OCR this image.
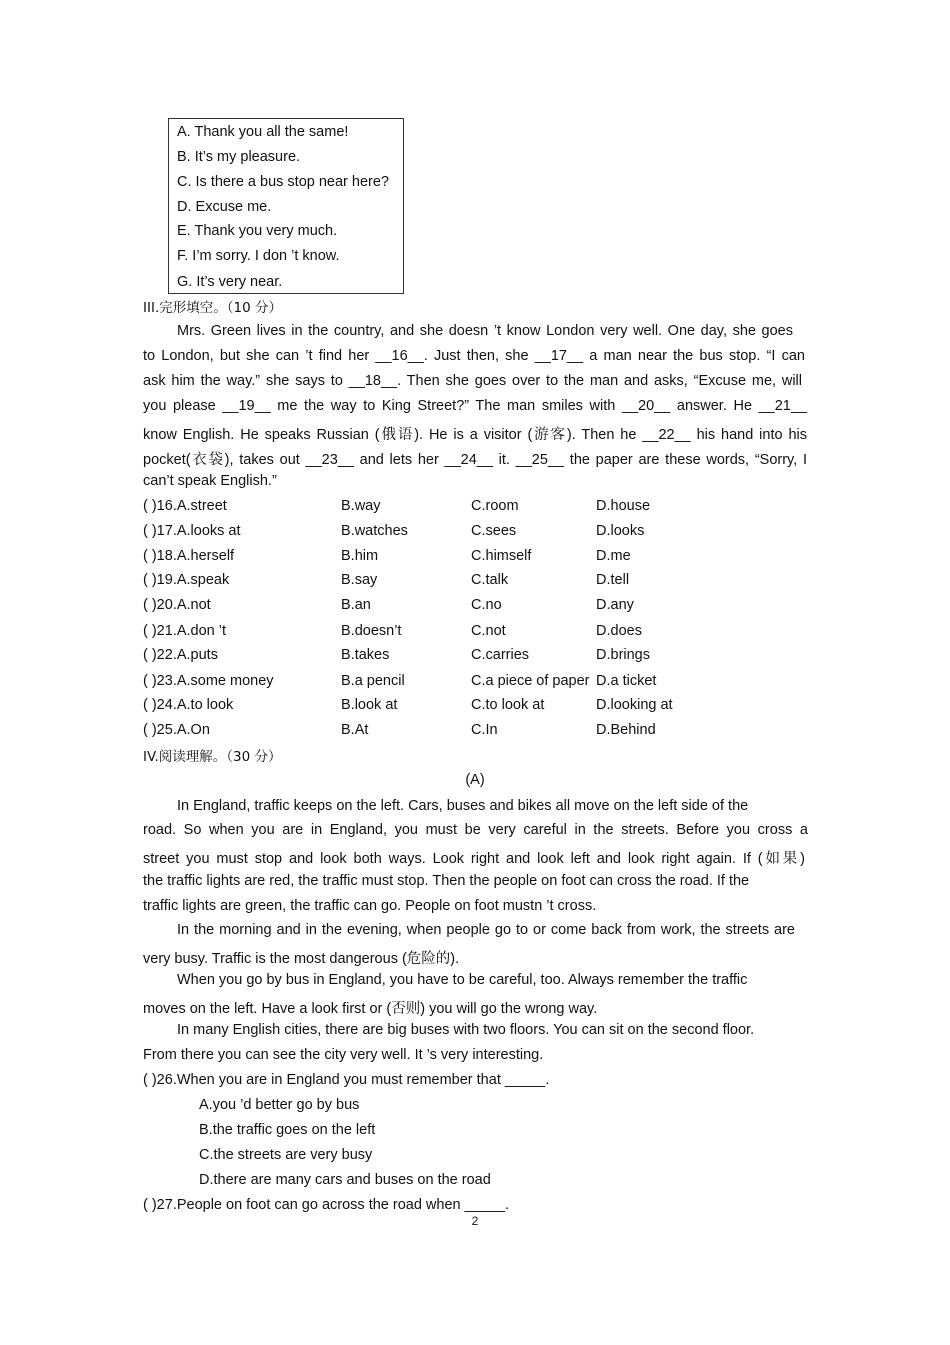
A. Thank you all the same!
B. It’s my pleasure.
C. Is there a bus stop near here?
D. Excuse me.
E. Thank you very much.
F. I’m sorry. I don ’t know.
G. It’s very near.
III.完形填空。（10 分）
Mrs. Green lives in the country, and she doesn ’t know London very well. One day, she goes
to London, but she can ’t find her __16__. Just then, she __17__ a man near the bus stop. “I can
ask him the way.” she says to __18__. Then she goes over to the man and asks, “Excuse me, will
you please __19__ me the way to King Street?” The man smiles with __20__ answer. He __21__
know English. He speaks Russian (俄语). He is a visitor (游客). Then he __22__ his hand into his
pocket(衣袋), takes out __23__ and lets her __24__ it. __25__ the paper are these words, “Sorry, I
can’t speak English.”
( )16.A.street	B.way	C.room	D.house
( )17.A.looks at	B.watches	C.sees	D.looks
( )18.A.herself	B.him	C.himself	D.me
( )19.A.speak	B.say	C.talk	D.tell
( )20.A.not	B.an	C.no	D.any
( )21.A.don ’t	B.doesn’t	C.not	D.does
( )22.A.puts	B.takes	C.carries	D.brings
( )23.A.some money	B.a pencil	C.a piece of paper D.a ticket
( )24.A.to look	B.look at	C.to look at	D.looking at
( )25.A.On	B.At	C.In	D.Behind
IV.阅读理解。（30 分）
(A)
In England, traffic keeps on the left. Cars, buses and bikes all move on the left side of the
road. So when you are in England, you must be very careful in the streets. Before you cross a
street you must stop and look both ways. Look right and look left and look right again. If (如果)
the traffic lights are red, the traffic must stop. Then the people on foot can cross the road. If the
traffic lights are green, the traffic can go. People on foot mustn ’t cross.
In the morning and in the evening, when people go to or come back from work, the streets are
very busy. Traffic is the most dangerous (危险的).
When you go by bus in England, you have to be careful, too. Always remember the traffic
moves on the left. Have a look first or (否则) you will go the wrong way.
In many English cities, there are big buses with two floors. You can sit on the second floor.
From there you can see the city very well. It ’s very interesting.
( )26.When you are in England you must remember that _____.
A.you ’d better go by bus
B.the traffic goes on the left
C.the streets are very busy
D.there are many cars and buses on the road
( )27.People on foot can go across the road when _____.
2
